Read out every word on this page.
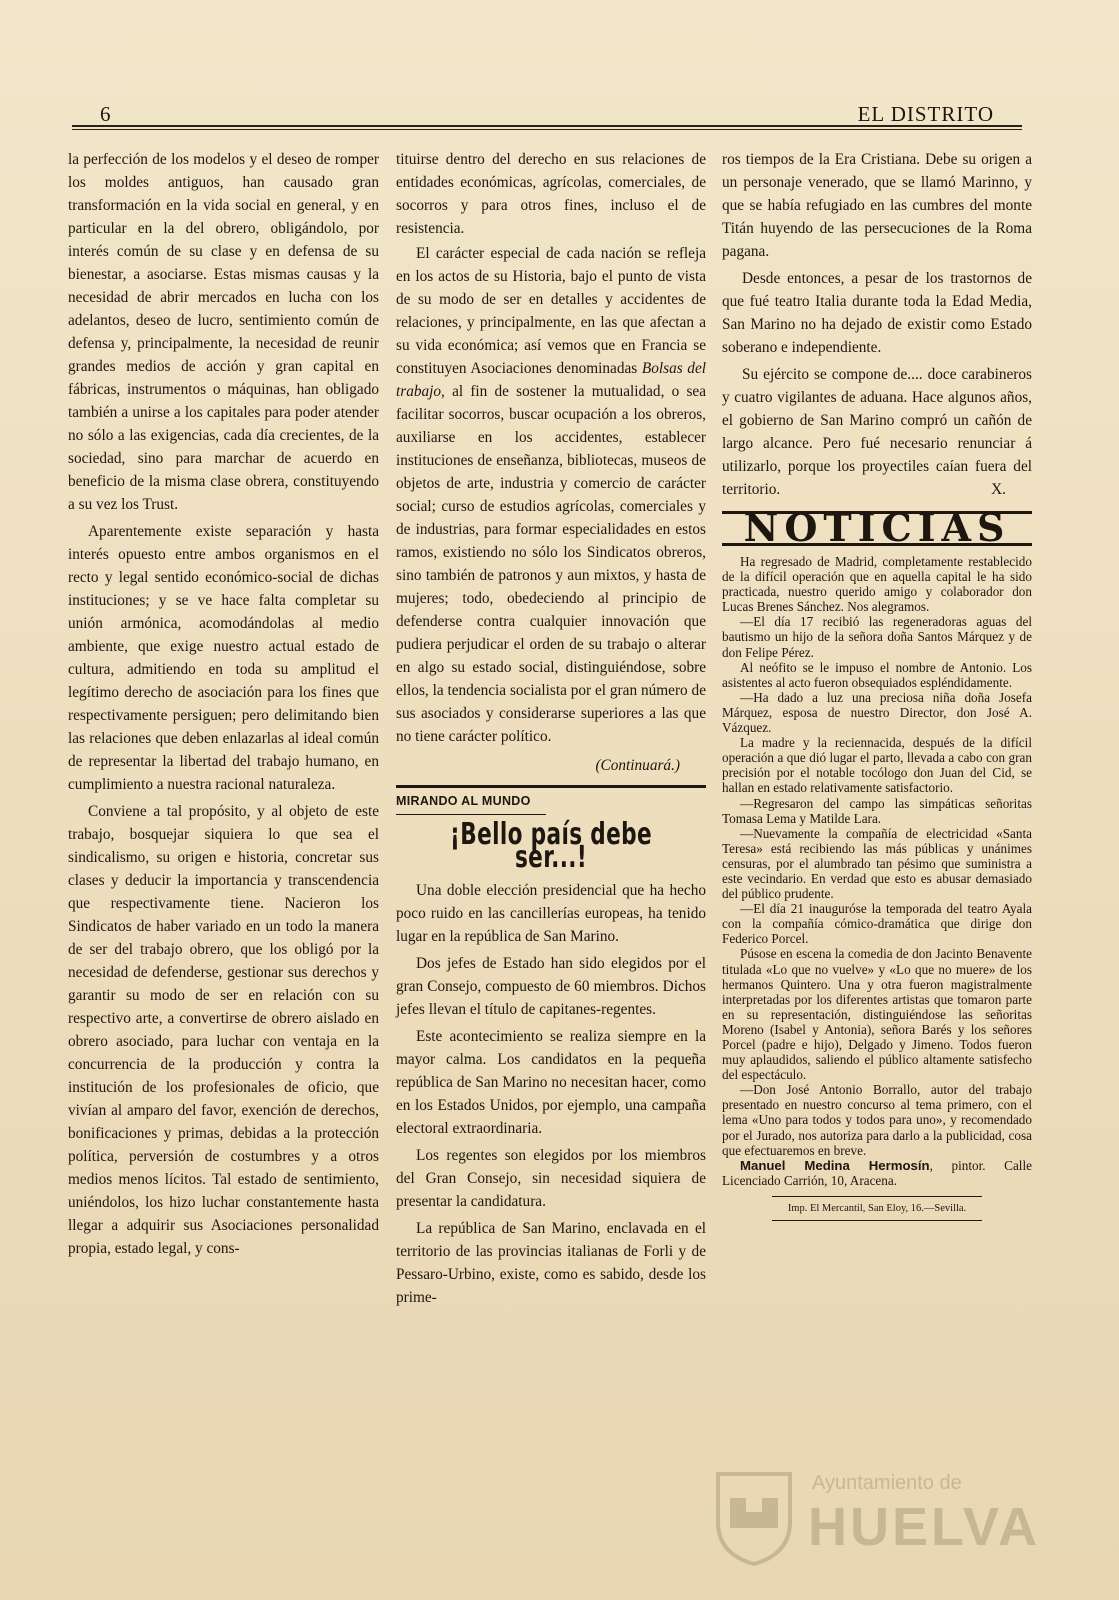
6	EL DISTRITO

la perfección de los modelos y el deseo de romper los moldes antiguos, han causado gran transformación en la vida social en general, y en particular en la del obrero, obligándolo, por interés común de su clase y en defensa de su bienestar, a asociarse. Estas mismas causas y la necesidad de abrir mercados en lucha con los adelantos, deseo de lucro, sentimiento común de defensa y, principalmente, la necesidad de reunir grandes medios de acción y gran capital en fábricas, instrumentos o máquinas, han obligado también a unirse a los capitales para poder atender no sólo a las exigencias, cada día crecientes, de la sociedad, sino para marchar de acuerdo en beneficio de la misma clase obrera, constituyendo a su vez los Trust.

Aparentemente existe separación y hasta interés opuesto entre ambos organismos en el recto y legal sentido económico-social de dichas instituciones; y se ve hace falta completar su unión armónica, acomodándolas al medio ambiente, que exige nuestro actual estado de cultura, admitiendo en toda su amplitud el legítimo derecho de asociación para los fines que respectivamente persiguen; pero delimitando bien las relaciones que deben enlazarlas al ideal común de representar la libertad del trabajo humano, en cumplimiento a nuestra racional naturaleza.

Conviene a tal propósito, y al objeto de este trabajo, bosquejar siquiera lo que sea el sindicalismo, su origen e historia, concretar sus clases y deducir la importancia y transcendencia que respectivamente tiene. Nacieron los Sindicatos de haber variado en un todo la manera de ser del trabajo obrero, que los obligó por la necesidad de defenderse, gestionar sus derechos y garantir su modo de ser en relación con su respectivo arte, a convertirse de obrero aislado en obrero asociado, para luchar con ventaja en la concurrencia de la producción y contra la institución de los profesionales de oficio, que vivían al amparo del favor, exención de derechos, bonificaciones y primas, debidas a la protección política, perversión de costumbres y a otros medios menos lícitos. Tal estado de sentimiento, uniéndolos, los hizo luchar constantemente hasta llegar a adquirir sus Asociaciones personalidad propia, estado legal, y cons-

tituirse dentro del derecho en sus relaciones de entidades económicas, agrícolas, comerciales, de socorros y para otros fines, incluso el de resistencia.

El carácter especial de cada nación se refleja en los actos de su Historia, bajo el punto de vista de su modo de ser en detalles y accidentes de relaciones, y principalmente, en las que afectan a su vida económica; así vemos que en Francia se constituyen Asociaciones denominadas Bolsas del trabajo, al fin de sostener la mutualidad, o sea facilitar socorros, buscar ocupación a los obreros, auxiliarse en los accidentes, establecer instituciones de enseñanza, bibliotecas, museos de objetos de arte, industria y comercio de carácter social; curso de estudios agrícolas, comerciales y de industrias, para formar especialidades en estos ramos, existiendo no sólo los Sindicatos obreros, sino también de patronos y aun mixtos, y hasta de mujeres; todo, obedeciendo al principio de defenderse contra cualquier innovación que pudiera perjudicar el orden de su trabajo o alterar en algo su estado social, distinguiéndose, sobre ellos, la tendencia socialista por el gran número de sus asociados y considerarse superiores a las que no tiene carácter político.

(Continuará.)
MIRANDO AL MUNDO
¡Bello país debe ser...!

Una doble elección presidencial que ha hecho poco ruido en las cancillerías europeas, ha tenido lugar en la república de San Marino.

Dos jefes de Estado han sido elegidos por el gran Consejo, compuesto de 60 miembros. Dichos jefes llevan el título de capitanes-regentes.

Este acontecimiento se realiza siempre en la mayor calma. Los candidatos en la pequeña república de San Marino no necesitan hacer, como en los Estados Unidos, por ejemplo, una campaña electoral extraordinaria.

Los regentes son elegidos por los miembros del Gran Consejo, sin necesidad siquiera de presentar la candidatura.

La república de San Marino, enclavada en el territorio de las provincias italianas de Forli y de Pessaro-Urbino, existe, como es sabido, desde los prime-

ros tiempos de la Era Cristiana. Debe su origen a un personaje venerado, que se llamó Marinno, y que se había refugiado en las cumbres del monte Titán huyendo de las persecuciones de la Roma pagana.

Desde entonces, a pesar de los trastornos de que fué teatro Italia durante toda la Edad Media, San Marino no ha dejado de existir como Estado soberano e independiente.

Su ejército se compone de.... doce carabineros y cuatro vigilantes de aduana. Hace algunos años, el gobierno de San Marino compró un cañón de largo alcance. Pero fué necesario renunciar á utilizarlo, porque los proyectiles caían fuera del territorio.	X.

NOTICIAS

Ha regresado de Madrid, completamente restablecido de la difícil operación que en aquella capital le ha sido practicada, nuestro querido amigo y colaborador don Lucas Brenes Sánchez. Nos alegramos.

—El día 17 recibió las regeneradoras aguas del bautismo un hijo de la señora doña Santos Márquez y de don Felipe Pérez.

Al neófito se le impuso el nombre de Antonio. Los asistentes al acto fueron obsequiados espléndidamente.

—Ha dado a luz una preciosa niña doña Josefa Márquez, esposa de nuestro Director, don José A. Vázquez.

La madre y la reciennacida, después de la difícil operación a que dió lugar el parto, llevada a cabo con gran precisión por el notable tocólogo don Juan del Cid, se hallan en estado relativamente satisfactorio.

—Regresaron del campo las simpáticas señoritas Tomasa Lema y Matilde Lara.

—Nuevamente la compañía de electricidad «Santa Teresa» está recibiendo las más públicas y unánimes censuras, por el alumbrado tan pésimo que suministra a este vecindario. En verdad que esto es abusar demasiado del público prudente.

—El día 21 inauguróse la temporada del teatro Ayala con la compañía cómico-dramática que dirige don Federico Porcel.

Púsose en escena la comedia de don Jacinto Benavente titulada «Lo que no vuelve» y «Lo que no muere» de los hermanos Quintero. Una y otra fueron magistralmente interpretadas por los diferentes artistas que tomaron parte en su representación, distinguiéndose las señoritas Moreno (Isabel y Antonia), señora Barés y los señores Porcel (padre e hijo), Delgado y Jimeno. Todos fueron muy aplaudidos, saliendo el público altamente satisfecho del espectáculo.

—Don José Antonio Borrallo, autor del trabajo presentado en nuestro concurso al tema primero, con el lema «Uno para todos y todos para uno», y recomendado por el Jurado, nos autoriza para darlo a la publicidad, cosa que efectuaremos en breve.

Manuel Medina Hermosín, pintor. Calle Licenciado Carrión, 10, Aracena.

Imp. El Mercantil, San Eloy, 16.—Sevilla.
Ayuntamiento de
HUELVA
